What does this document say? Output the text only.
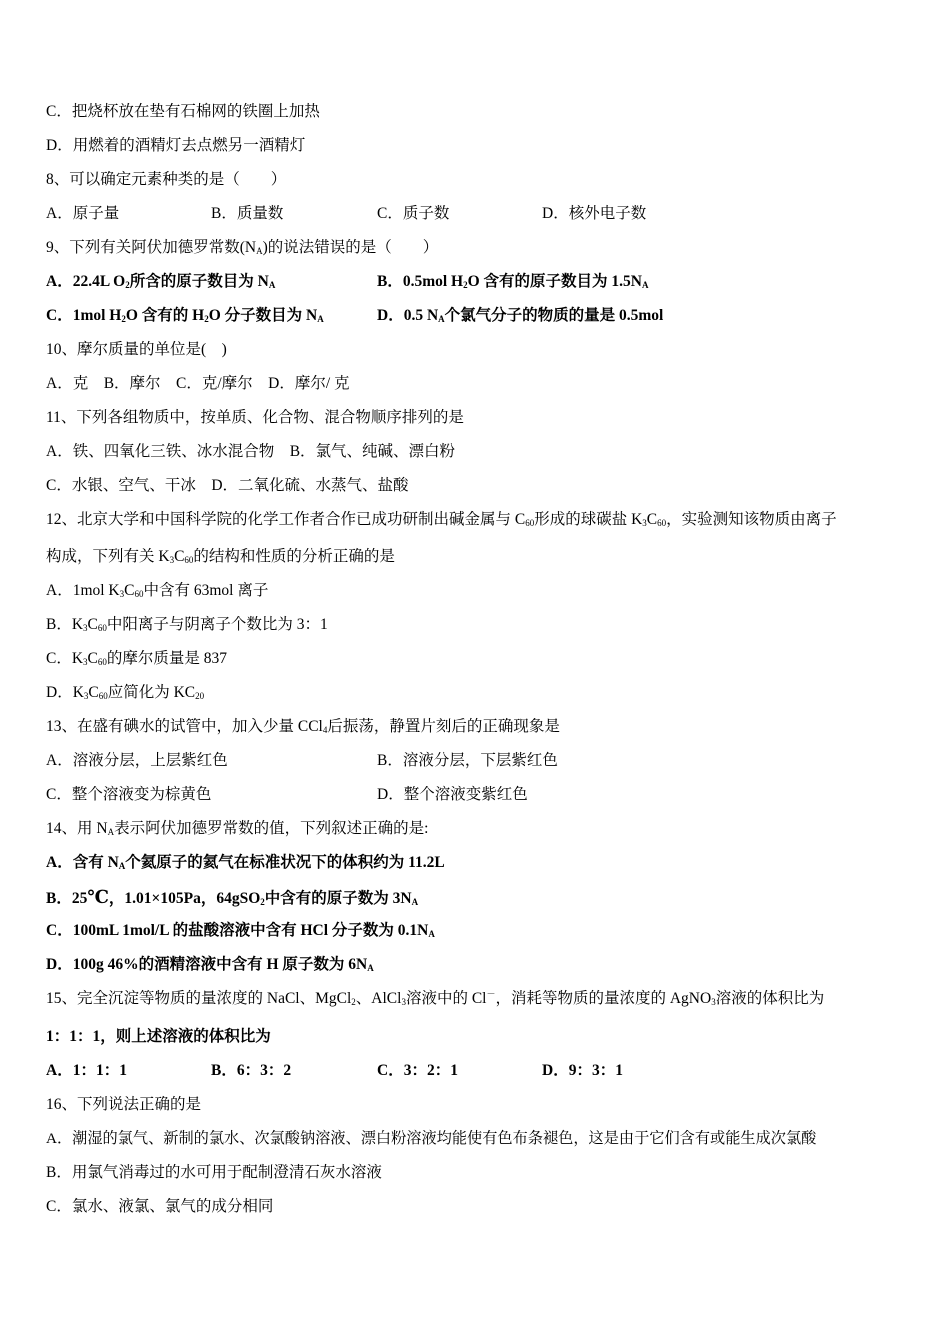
C．把烧杯放在垫有石棉网的铁圈上加热
D．用燃着的酒精灯去点燃另一酒精灯
8、可以确定元素种类的是（　　）
A．原子量	B．质量数	C．质子数	D．核外电子数
9、下列有关阿伏加德罗常数$(N_A)$的说法错误的是（　　）
A．22.4L $O_2$所含的原子数目为 $N_A$	B．0.5mol $H_2O$ 含有的原子数目为 $1.5N_A$
C．1mol $H_2O$ 含有的 $H_2O$ 分子数目为 $N_A$	D．0.5 $N_A$个氯气分子的物质的量是 0.5mol
10、摩尔质量的单位是(　)
A．克　B．摩尔　C．克/摩尔　D．摩尔/ 克
11、下列各组物质中，按单质、化合物、混合物顺序排列的是
A．铁、四氧化三铁、冰水混合物　B．氯气、纯碱、漂白粉
C．水银、空气、干冰　D．二氧化硫、水蒸气、盐酸
12、北京大学和中国科学院的化学工作者合作已成功研制出碱金属与 $C_{60}$形成的球碳盐 $K_3C_{60}$，实验测知该物质由离子
构成，下列有关 $K_3C_{60}$的结构和性质的分析正确的是
A．1mol $K_3C_{60}$中含有 63mol 离子
B．$K_3C_{60}$中阳离子与阴离子个数比为 3：1
C．$K_3C_{60}$的摩尔质量是 837
D．$K_3C_{60}$应简化为 $KC_{20}$
13、在盛有碘水的试管中，加入少量 CCl$_4$后振荡，静置片刻后的正确现象是
A．溶液分层，上层紫红色	B．溶液分层，下层紫红色
C．整个溶液变为棕黄色	D．整个溶液变紫红色
14、用 $N_A$表示阿伏加德罗常数的值，下列叙述正确的是:
A．含有 $N_A$个氦原子的氦气在标准状况下的体积约为 11.2L
B．25℃，1.01×105Pa，64gSO$_2$中含有的原子数为 $3N_A$
C．100mL 1mol/L 的盐酸溶液中含有 HCl 分子数为 $0.1N_A$
D．100g 46%的酒精溶液中含有 H 原子数为 $6N_A$
15、完全沉淀等物质的量浓度的 NaCl、MgCl$_2$、AlCl$_3$溶液中的 Cl－，消耗等物质的量浓度的 AgNO$_3$溶液的体积比为
1：1：1，则上述溶液的体积比为
A．1：1：1	B．6：3：2	C．3：2：1	D．9：3：1
16、下列说法正确的是
A．潮湿的氯气、新制的氯水、次氯酸钠溶液、漂白粉溶液均能使有色布条褪色，这是由于它们含有或能生成次氯酸
B．用氯气消毒过的水可用于配制澄清石灰水溶液
C．氯水、液氯、氯气的成分相同
